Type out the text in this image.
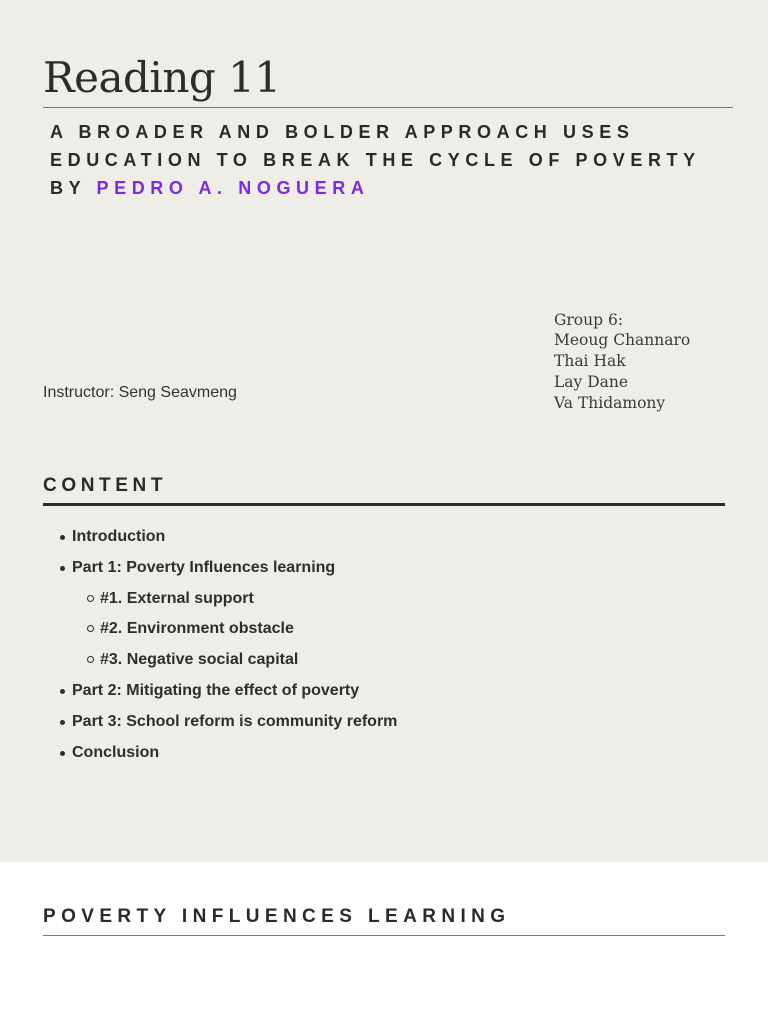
Reading 11
A BROADER AND BOLDER APPROACH USES
EDUCATION TO BREAK THE CYCLE OF POVERTY
BY PEDRO A. NOGUERA
Group 6:
Meoug Channaro
Thai Hak
Lay Dane
Va Thidamony
Instructor: Seng Seavmeng
CONTENT
Introduction
Part 1: Poverty Influences learning
#1. External support
#2. Environment obstacle
#3. Negative social capital
Part 2: Mitigating the effect of poverty
Part 3: School reform is community reform
Conclusion
POVERTY INFLUENCES LEARNING
